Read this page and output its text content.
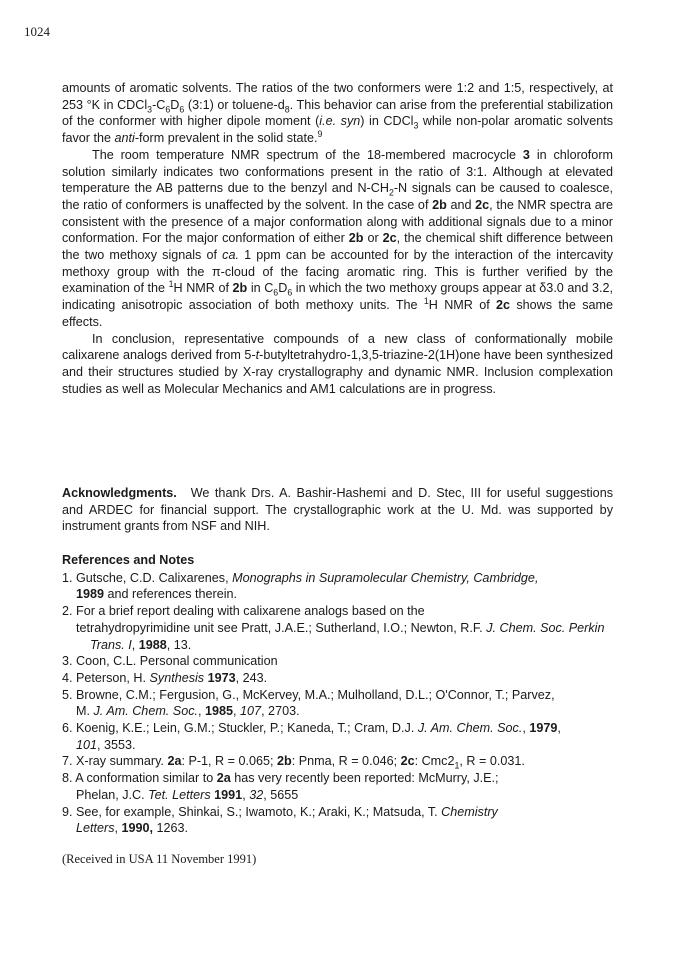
1024

amounts of aromatic solvents. The ratios of the two conformers were 1:2 and 1:5, respectively, at 253 °K in $CDCl_3-C_6D_6$ (3:1) or toluene-$d_8$. This behavior can arise from the preferential stabilization of the conformer with higher dipole moment (i.e. syn) in CDCl$_3$ while non-polar aromatic solvents favor the anti-form prevalent in the solid state.$^9$

The room temperature NMR spectrum of the 18-membered macrocycle 3 in chloroform solution similarly indicates two conformations present in the ratio of 3:1. Although at elevated temperature the AB patterns due to the benzyl and $N-CH_2-N$ signals can be caused to coalesce, the ratio of conformers is unaffected by the solvent. In the case of 2b and 2c, the NMR spectra are consistent with the presence of a major conformation along with additional signals due to a minor conformation. For the major conformation of either 2b or 2c, the chemical shift difference between the two methoxy signals of ca. 1 ppm can be accounted for by the interaction of the intercavity methoxy group with the π-cloud of the facing aromatic ring. This is further verified by the examination of the $^1$H NMR of 2b in $C_6D_6$ in which the two methoxy groups appear at δ3.0 and 3.2, indicating anisotropic association of both methoxy units. The $^1$H NMR of 2c shows the same effects.

In conclusion, representative compounds of a new class of conformationally mobile calixarene analogs derived from 5-t-butyltetrahydro-1,3,5-triazine-2(1H)one have been synthesized and their structures studied by X-ray crystallography and dynamic NMR. Inclusion complexation studies as well as Molecular Mechanics and AM1 calculations are in progress.

Acknowledgments. We thank Drs. A. Bashir-Hashemi and D. Stec, III for useful suggestions and ARDEC for financial support. The crystallographic work at the U. Md. was supported by instrument grants from NSF and NIH.
References and Notes
1. Gutsche, C.D. Calixarenes, Monographs in Supramolecular Chemistry, Cambridge,
1989 and references therein.
2. For a brief report dealing with calixarene analogs based on the
tetrahydropyrimidine unit see Pratt, J.A.E.; Sutherland, I.O.; Newton, R.F. J. Chem. Soc. Perkin Trans. I, 1988, 13.
3. Coon, C.L. Personal communication
4. Peterson, H. Synthesis 1973, 243.
5. Browne, C.M.; Fergusion, G., McKervey, M.A.; Mulholland, D.L.; O'Connor, T.; Parvez,
M. J. Am. Chem. Soc., 1985, 107, 2703.
6. Koenig, K.E.; Lein, G.M.; Stuckler, P.; Kaneda, T.; Cram, D.J. J. Am. Chem. Soc., 1979,
101, 3553.
7. X-ray summary. 2a: P-1, R = 0.065; 2b: Pnma, R = 0.046; 2c: $Cmc2_1$, R = 0.031.
8. A conformation similar to 2a has very recently been reported: McMurry, J.E.;
Phelan, J.C. Tet. Letters 1991, 32, 5655
9. See, for example, Shinkai, S.; Iwamoto, K.; Araki, K.; Matsuda, T. Chemistry
Letters, 1990, 1263.
(Received in USA 11 November 1991)
